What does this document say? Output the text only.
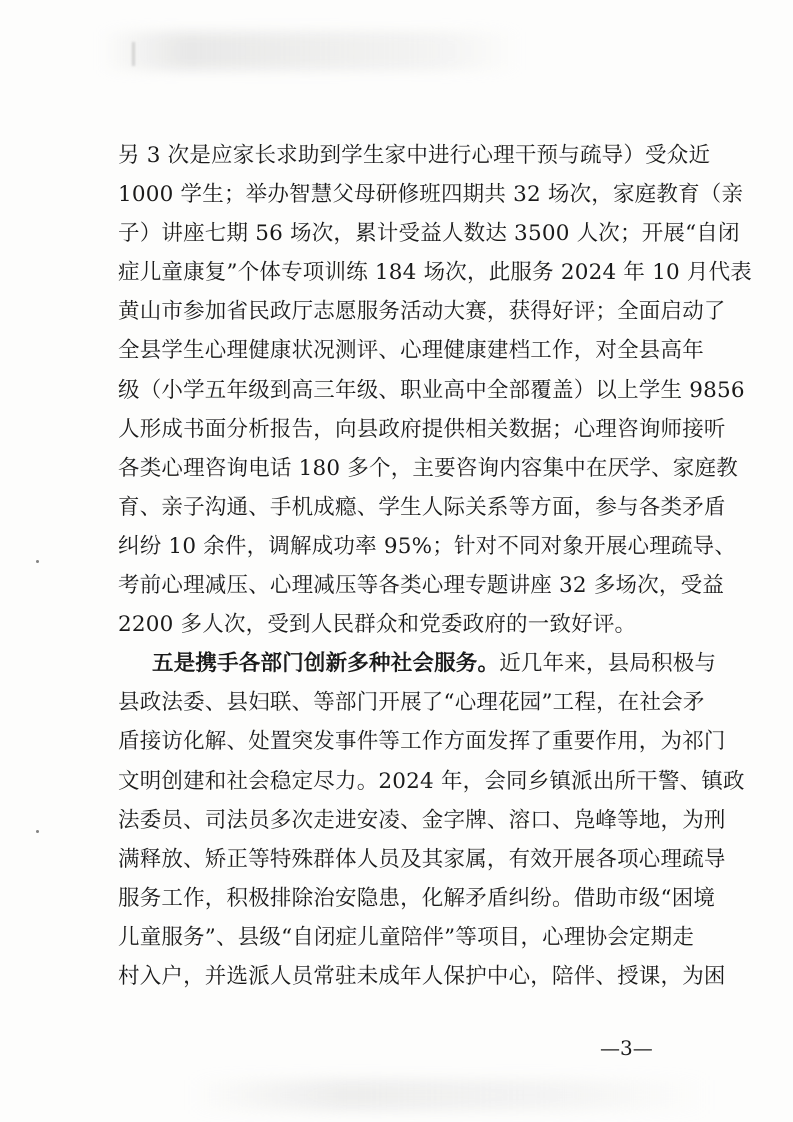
另 3 次是应家长求助到学生家中进行心理干预与疏导）受众近
1000 学生；举办智慧父母研修班四期共 32 场次，家庭教育（亲
子）讲座七期 56 场次，累计受益人数达 3500 人次；开展“自闭
症儿童康复”个体专项训练 184 场次，此服务 2024 年 10 月代表
黄山市参加省民政厅志愿服务活动大赛，获得好评；全面启动了
全县学生心理健康状况测评、心理健康建档工作，对全县高年
级（小学五年级到高三年级、职业高中全部覆盖）以上学生 9856
人形成书面分析报告，向县政府提供相关数据；心理咨询师接听
各类心理咨询电话 180 多个，主要咨询内容集中在厌学、家庭教
育、亲子沟通、手机成瘾、学生人际关系等方面，参与各类矛盾
纠纷 10 余件，调解成功率 95%；针对不同对象开展心理疏导、
考前心理减压、心理减压等各类心理专题讲座 32 多场次，受益
2200 多人次，受到人民群众和党委政府的一致好评。
五是携手各部门创新多种社会服务。近几年来，县局积极与
县政法委、县妇联、等部门开展了“心理花园”工程，在社会矛
盾接访化解、处置突发事件等工作方面发挥了重要作用，为祁门
文明创建和社会稳定尽力。2024 年，会同乡镇派出所干警、镇政
法委员、司法员多次走进安凌、金字牌、溶口、凫峰等地，为刑
满释放、矫正等特殊群体人员及其家属，有效开展各项心理疏导
服务工作，积极排除治安隐患，化解矛盾纠纷。借助市级“困境
儿童服务”、县级“自闭症儿童陪伴”等项目，心理协会定期走
村入户，并选派人员常驻未成年人保护中心，陪伴、授课，为困
—3—
